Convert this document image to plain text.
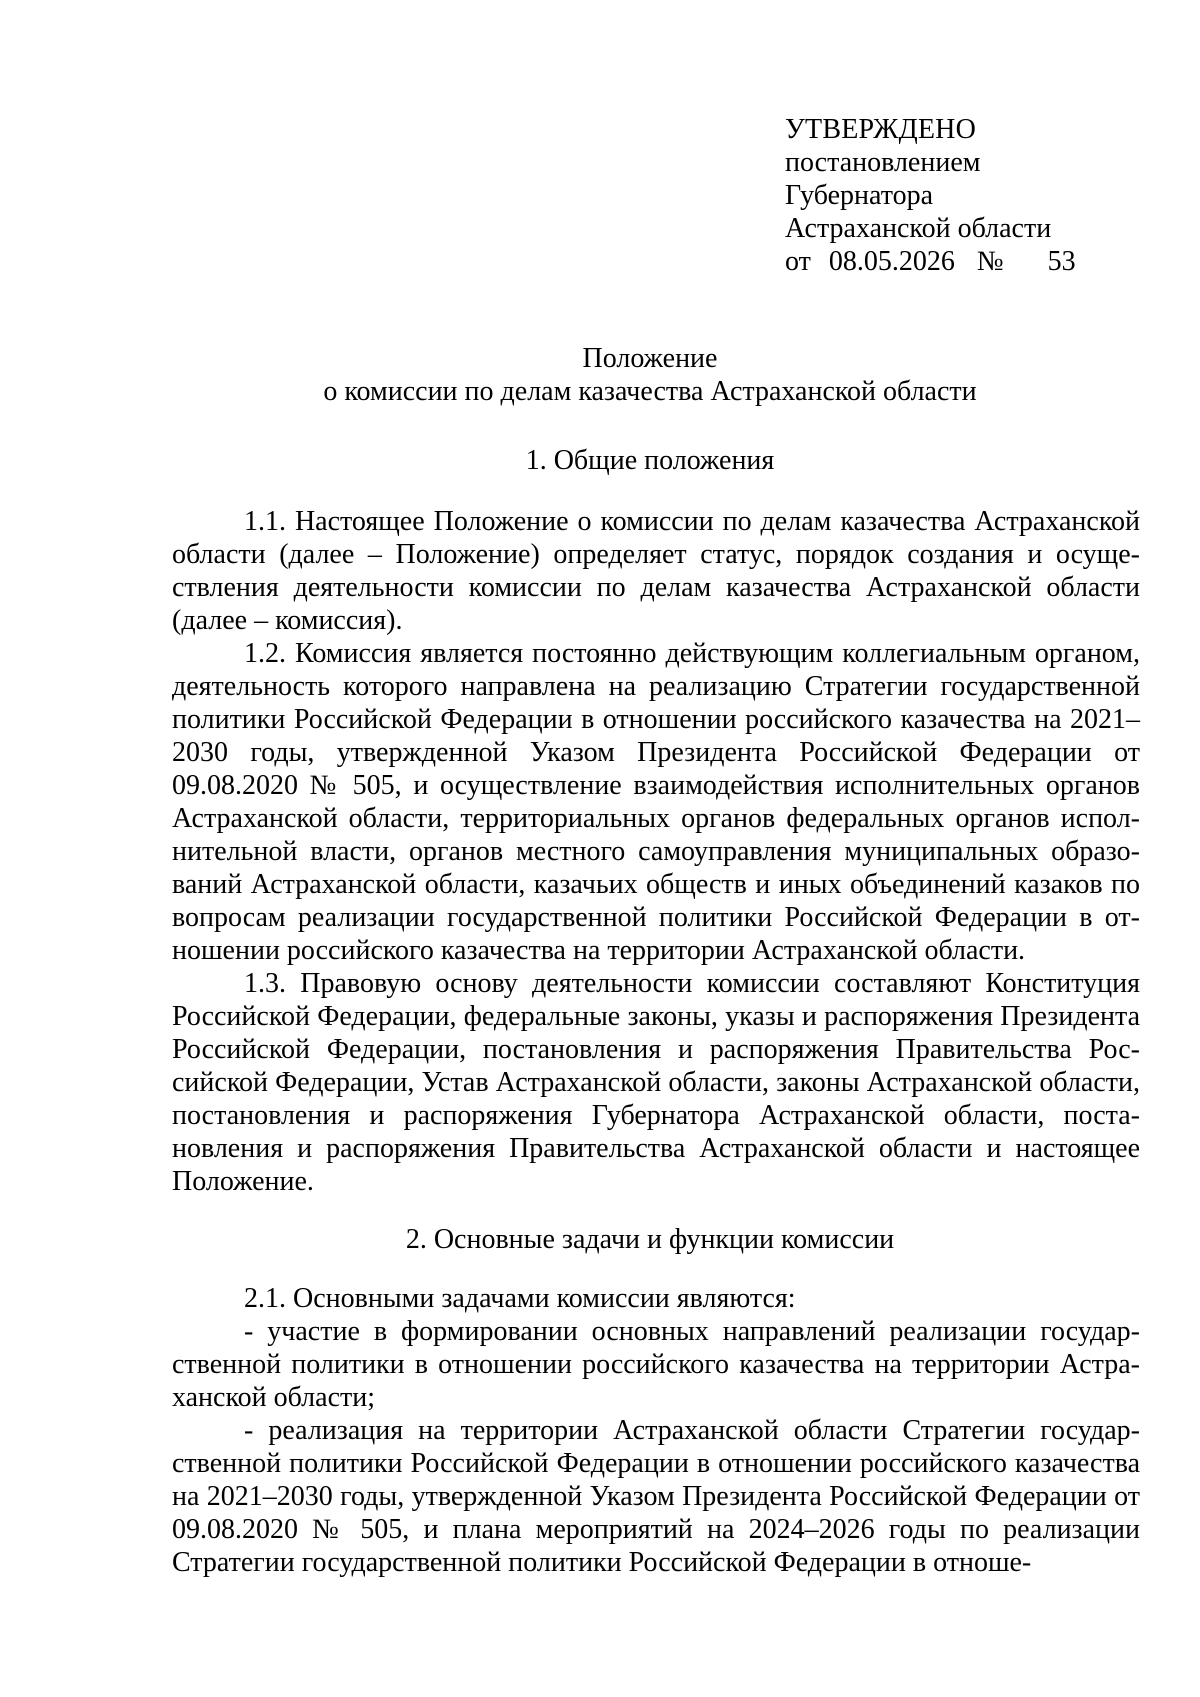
УТВЕРЖДЕНО
постановлением
Губернатора
Астраханской области
от 08.05.2026 № 53
Положение
о комиссии по делам казачества Астраханской области
1. Общие положения

1.1. Настоящее Положение о комиссии по делам казачества Астраханской области (далее – Положение) определяет статус, порядок создания и осуществления деятельности комиссии по делам казачества Астраханской области (далее – комиссия).

1.2. Комиссия является постоянно действующим коллегиальным органом, деятельность которого направлена на реализацию Стратегии государственной политики Российской Федерации в отношении российского казачества на 2021–2030 годы, утвержденной Указом Президента Российской Федерации от 09.08.2020 № 505, и осуществление взаимодействия исполнительных органов Астраханской области, территориальных органов федеральных органов исполнительной власти, органов местного самоуправления муниципальных образований Астраханской области, казачьих обществ и иных объединений казаков по вопросам реализации государственной политики Российской Федерации в отношении российского казачества на территории Астраханской области.

1.3. Правовую основу деятельности комиссии составляют Конституция Российской Федерации, федеральные законы, указы и распоряжения Президента Российской Федерации, постановления и распоряжения Правительства Российской Федерации, Устав Астраханской области, законы Астраханской области, постановления и распоряжения Губернатора Астраханской области, постановления и распоряжения Правительства Астраханской области и настоящее Положение.

2. Основные задачи и функции комиссии

2.1. Основными задачами комиссии являются:

- участие в формировании основных направлений реализации государственной политики в отношении российского казачества на территории Астраханской области;

- реализация на территории Астраханской области Стратегии государственной политики Российской Федерации в отношении российского казачества на 2021–2030 годы, утвержденной Указом Президента Российской Федерации от 09.08.2020 № 505, и плана мероприятий на 2024–2026 годы по реализации Стратегии государственной политики Российской Федерации в отноше-
